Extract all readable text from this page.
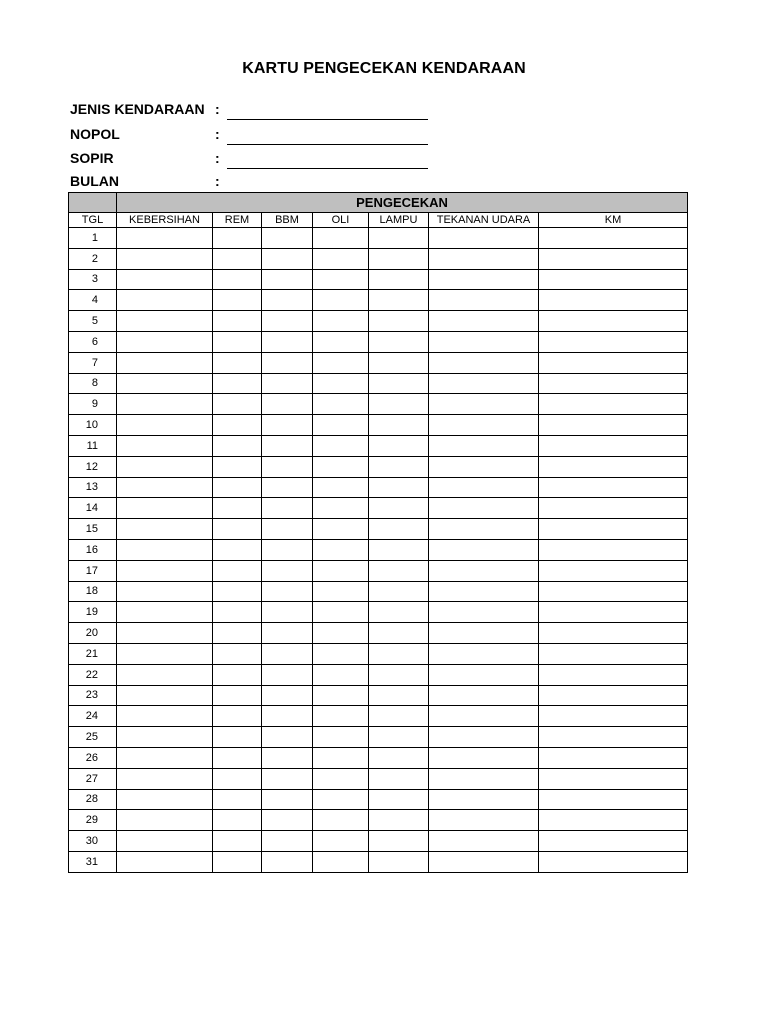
KARTU PENGECEKAN KENDARAAN
JENIS KENDARAAN :
NOPOL	:
SOPIR	:
BULAN	:
	PENGECEKAN						
TGL	KEBERSIHAN	REM	BBM	OLI	LAMPU	TEKANAN UDARA	KM
1							
2							
3							
4							
5							
6							
7							
8							
9							
10							
11							
12							
13							
14							
15							
16							
17							
18							
19							
20							
21							
22							
23							
24							
25							
26							
27							
28							
29							
30							
31							
